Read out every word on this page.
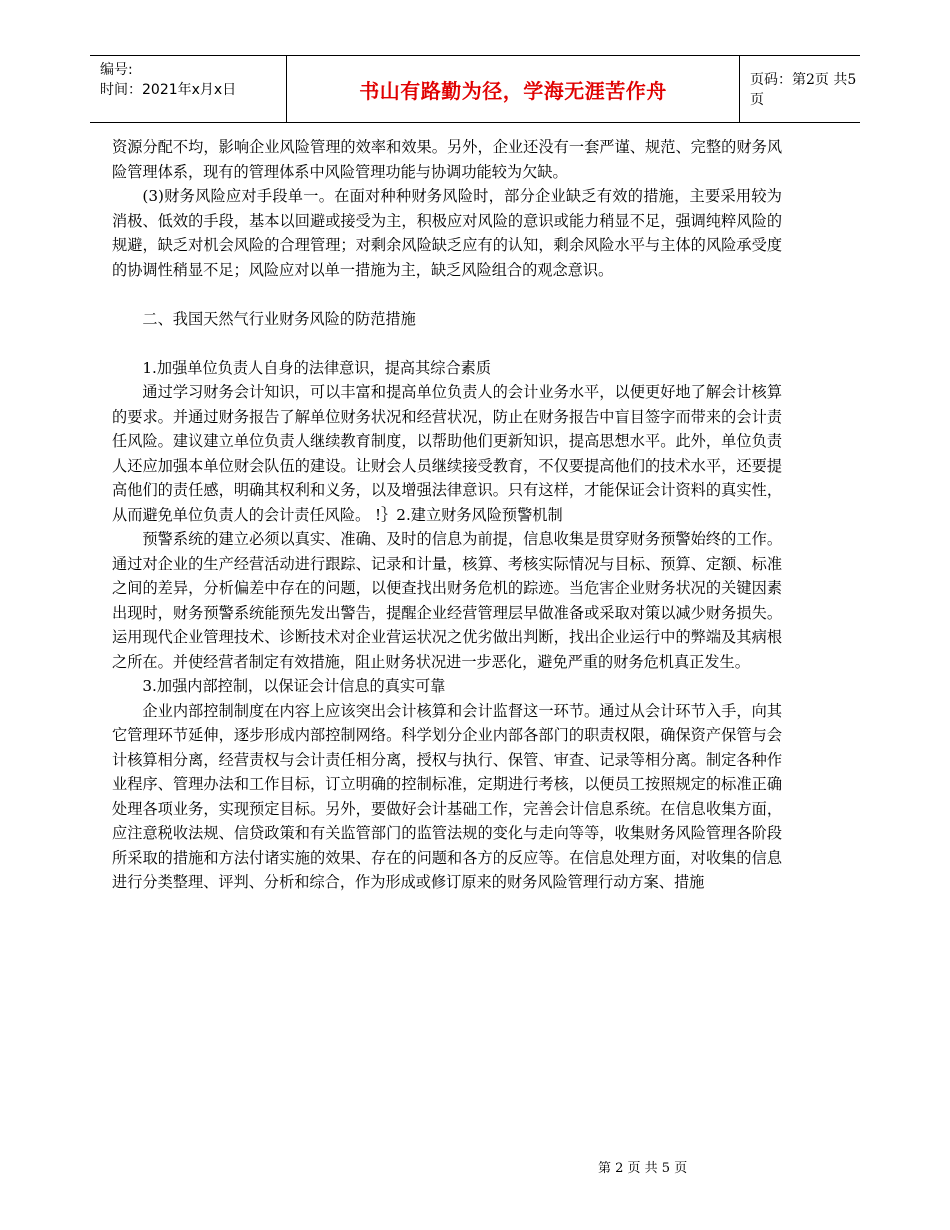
编号:
时间：2021年x月x日	书山有路勤为径，学海无涯苦作舟	页码：第2页 共5页

资源分配不均，影响企业风险管理的效率和效果。另外，企业还没有一套严谨、规范、完整的财务风险管理体系，现有的管理体系中风险管理功能与协调功能较为欠缺。

(3)财务风险应对手段单一。在面对种种财务风险时，部分企业缺乏有效的措施，主要采用较为消极、低效的手段，基本以回避或接受为主，积极应对风险的意识或能力稍显不足，强调纯粹风险的规避，缺乏对机会风险的合理管理；对剩余风险缺乏应有的认知，剩余风险水平与主体的风险承受度的协调性稍显不足；风险应对以单一措施为主，缺乏风险组合的观念意识。

二、我国天然气行业财务风险的防范措施

1.加强单位负责人自身的法律意识，提高其综合素质

通过学习财务会计知识，可以丰富和提高单位负责人的会计业务水平，以便更好地了解会计核算的要求。并通过财务报告了解单位财务状况和经营状况，防止在财务报告中盲目签字而带来的会计责任风险。建议建立单位负责人继续教育制度，以帮助他们更新知识，提高思想水平。此外，单位负责人还应加强本单位财会队伍的建设。让财会人员继续接受教育，不仅要提高他们的技术水平，还要提高他们的责任感，明确其权利和义务，以及增强法律意识。只有这样，才能保证会计资料的真实性，从而避免单位负责人的会计责任风险。 !｝2.建立财务风险预警机制

预警系统的建立必须以真实、准确、及时的信息为前提，信息收集是贯穿财务预警始终的工作。通过对企业的生产经营活动进行跟踪、记录和计量，核算、考核实际情况与目标、预算、定额、标准之间的差异，分析偏差中存在的问题，以便查找出财务危机的踪迹。当危害企业财务状况的关键因素出现时，财务预警系统能预先发出警告，提醒企业经营管理层早做准备或采取对策以减少财务损失。运用现代企业管理技术、诊断技术对企业营运状况之优劣做出判断，找出企业运行中的弊端及其病根之所在。并使经营者制定有效措施，阻止财务状况进一步恶化，避免严重的财务危机真正发生。

3.加强内部控制，以保证会计信息的真实可靠

企业内部控制制度在内容上应该突出会计核算和会计监督这一环节。通过从会计环节入手，向其它管理环节延伸，逐步形成内部控制网络。科学划分企业内部各部门的职责权限，确保资产保管与会计核算相分离，经营责权与会计责任相分离，授权与执行、保管、审查、记录等相分离。制定各种作业程序、管理办法和工作目标，订立明确的控制标准，定期进行考核，以便员工按照规定的标准正确处理各项业务，实现预定目标。另外，要做好会计基础工作，完善会计信息系统。在信息收集方面，应注意税收法规、信贷政策和有关监管部门的监管法规的变化与走向等等，收集财务风险管理各阶段所采取的措施和方法付诸实施的效果、存在的问题和各方的反应等。在信息处理方面，对收集的信息进行分类整理、评判、分析和综合，作为形成或修订原来的财务风险管理行动方案、措施

第 2 页 共 5 页
